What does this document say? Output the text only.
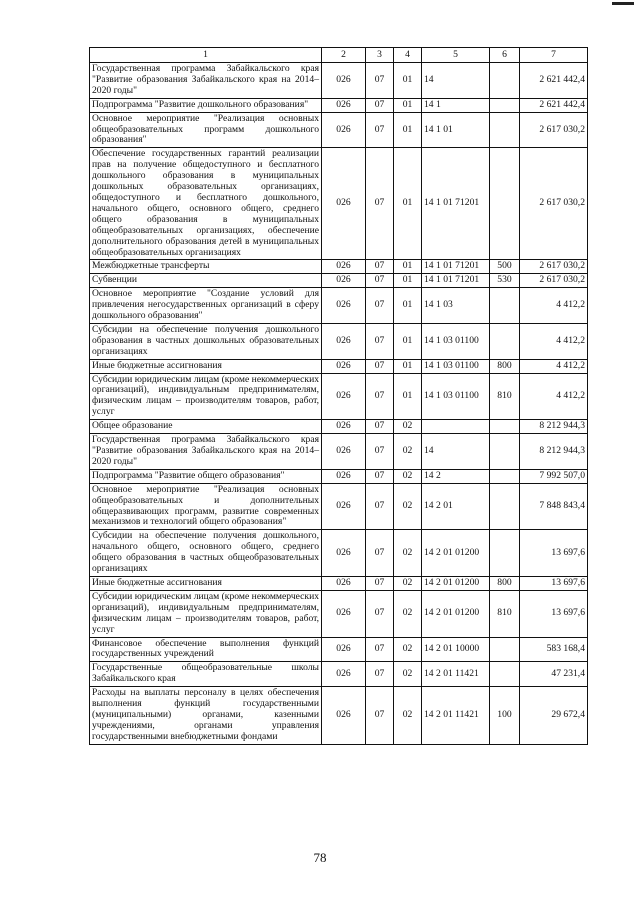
1	2	3	4	5	6	7
Государственная программа Забайкальского края "Развитие образования Забайкальского края на 2014–2020 годы"	026	07	01	14		2 621 442,4
Подпрограмма "Развитие дошкольного образования"	026	07	01	14 1		2 621 442,4
Основное мероприятие "Реализация основных общеобразовательных программ дошкольного образования"	026	07	01	14 1 01		2 617 030,2
Обеспечение государственных гарантий реализации прав на получение общедоступного и бесплатного дошкольного образования в муниципальных дошкольных образовательных организациях, общедоступного и бесплатного дошкольного, начального общего, основного общего, среднего общего образования в муниципальных общеобразовательных организациях, обеспечение дополнительного образования детей в муниципальных общеобразовательных организациях	026	07	01	14 1 01 71201		2 617 030,2
Межбюджетные трансферты	026	07	01	14 1 01 71201	500	2 617 030,2
Субвенции	026	07	01	14 1 01 71201	530	2 617 030,2
Основное мероприятие "Создание условий для привлечения негосударственных организаций в сферу дошкольного образования"	026	07	01	14 1 03		4 412,2
Субсидии на обеспечение получения дошкольного образования в частных дошкольных образовательных организациях	026	07	01	14 1 03 01100		4 412,2
Иные бюджетные ассигнования	026	07	01	14 1 03 01100	800	4 412,2
Субсидии юридическим лицам (кроме некоммерческих организаций), индивидуальным предпринимателям, физическим лицам – производителям товаров, работ, услуг	026	07	01	14 1 03 01100	810	4 412,2
Общее образование	026	07	02			8 212 944,3
Государственная программа Забайкальского края "Развитие образования Забайкальского края на 2014–2020 годы"	026	07	02	14		8 212 944,3
Подпрограмма "Развитие общего образования"	026	07	02	14 2		7 992 507,0
Основное мероприятие "Реализация основных общеобразовательных и дополнительных общеразвивающих программ, развитие современных механизмов и технологий общего образования"	026	07	02	14 2 01		7 848 843,4
Субсидии на обеспечение получения дошкольного, начального общего, основного общего, среднего общего образования в частных общеобразовательных организациях	026	07	02	14 2 01 01200		13 697,6
Иные бюджетные ассигнования	026	07	02	14 2 01 01200	800	13 697,6
Субсидии юридическим лицам (кроме некоммерческих организаций), индивидуальным предпринимателям, физическим лицам – производителям товаров, работ, услуг	026	07	02	14 2 01 01200	810	13 697,6
Финансовое обеспечение выполнения функций государственных учреждений	026	07	02	14 2 01 10000		583 168,4
Государственные общеобразовательные школы Забайкальского края	026	07	02	14 2 01 11421		47 231,4
Расходы на выплаты персоналу в целях обеспечения выполнения функций государственными (муниципальными) органами, казенными учреждениями, органами управления государственными внебюджетными фондами	026	07	02	14 2 01 11421	100	29 672,4
78
